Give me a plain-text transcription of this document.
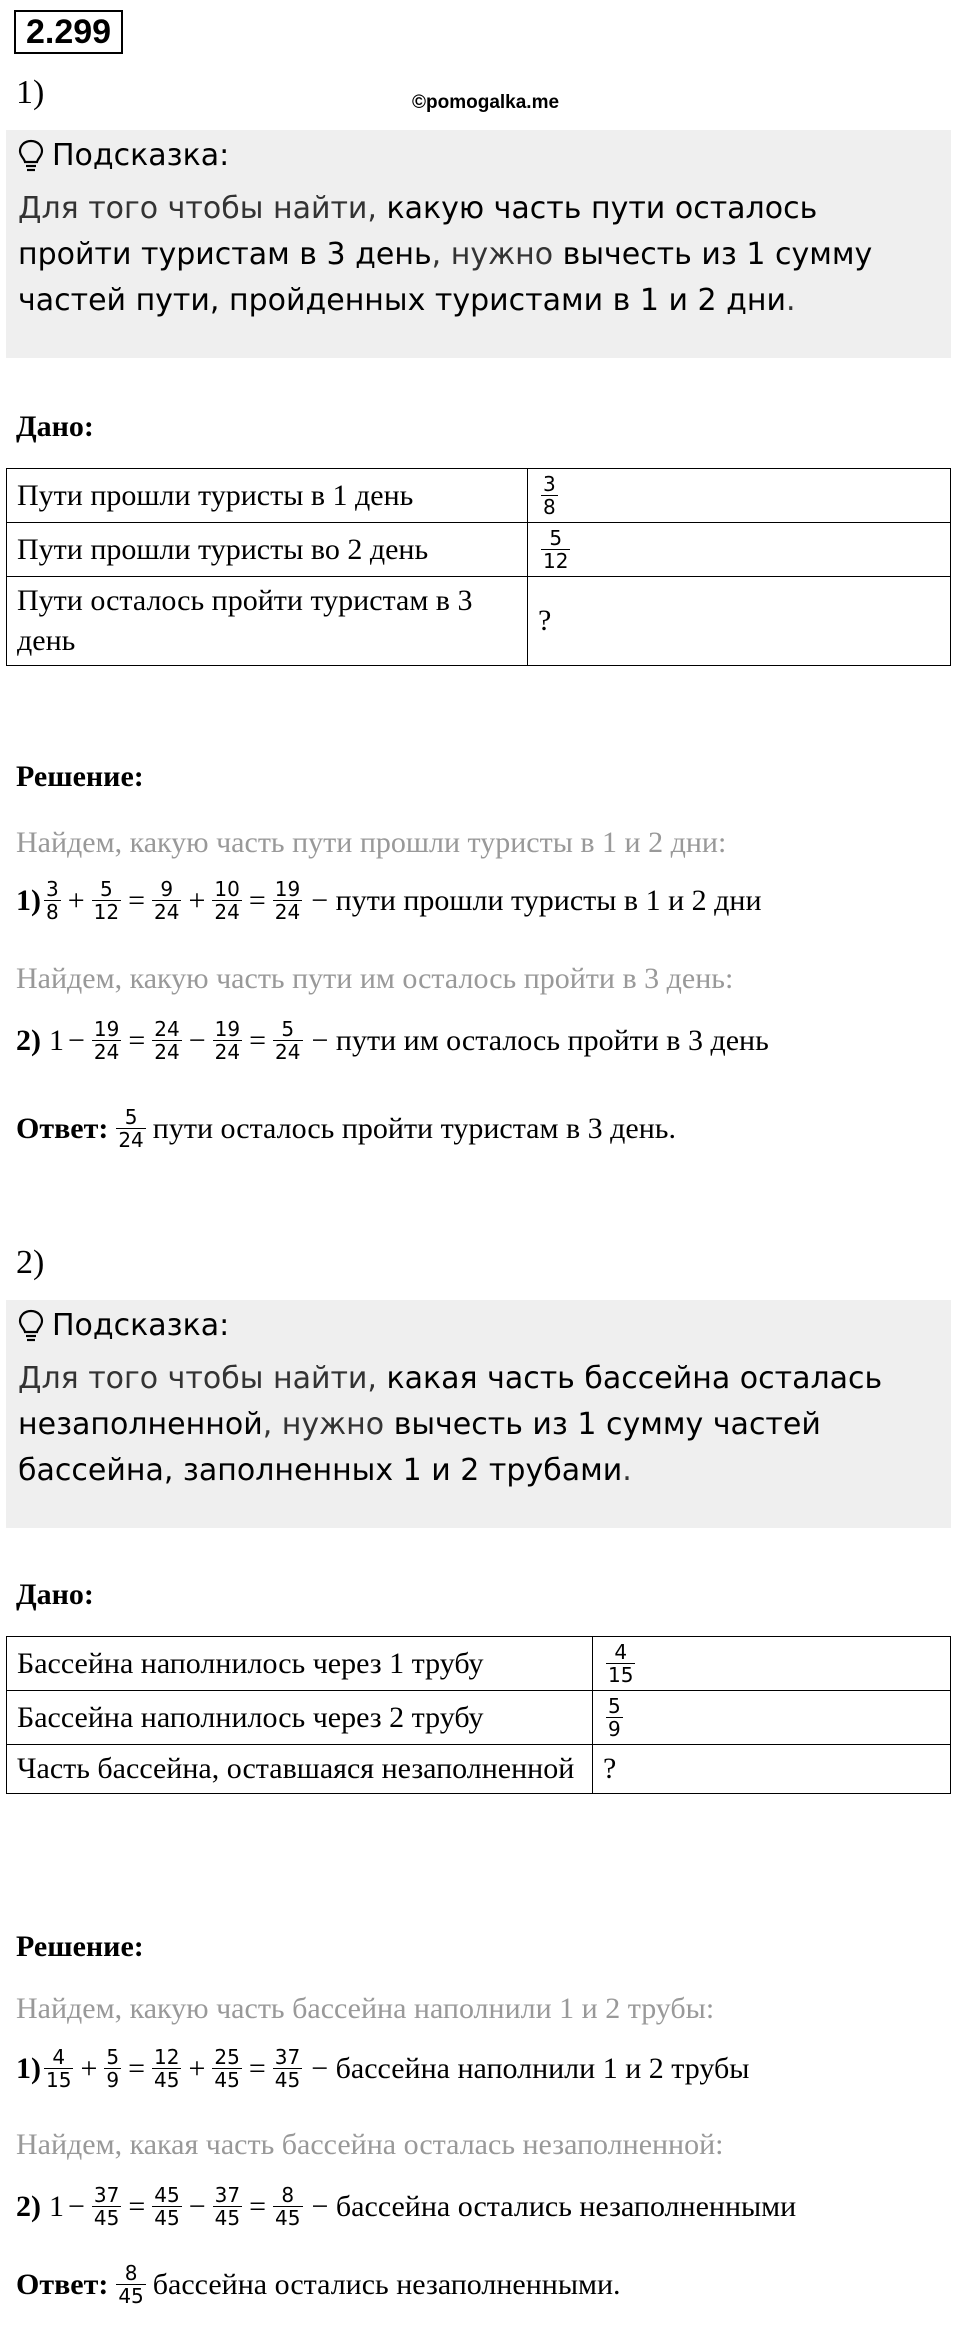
2.299
1)	©pomogalka.me
Подсказка:
Для того чтобы найти, какую часть пути осталось пройти туристам в 3 день, нужно вычесть из 1 сумму частей пути, пройденных туристами в 1 и 2 дни.
Дано:
Пути прошли туристы в 1 день	$\frac{3}{8}$

Пути прошли туристы во 2 день	$\frac{5}{12}$

Пути осталось пройти туристам в 3 день	?
Решение:
Найдем, какую часть пути прошли туристы в 1 и 2 дни:
$1) \frac{3}{8} + \frac{5}{12} = \frac{9}{24} + \frac{10}{24} = \frac{19}{24}$ − пути прошли туристы в 1 и 2 дни
Найдем, какую часть пути им осталось пройти в 3 день:
2) $1 - \frac{19}{24} = \frac{24}{24} - \frac{19}{24} = \frac{5}{24}$ − пути им осталось пройти в 3 день
Ответ: $\frac{5}{24}$ пути осталось пройти туристам в 3 день.
2)
Подсказка:
Для того чтобы найти, какая часть бассейна осталась незаполненной, нужно вычесть из 1 сумму частей бассейна, заполненных 1 и 2 трубами.
Дано:
Бассейна наполнилось через 1 трубу	$\frac{4}{15}$

Бассейна наполнилось через 2 трубу	$\frac{5}{9}$

Часть бассейна, оставшаяся незаполненной	?
Решение:
Найдем, какую часть бассейна наполнили 1 и 2 трубы:
$1) \frac{4}{15} + \frac{5}{9} = \frac{12}{45} + \frac{25}{45} = \frac{37}{45}$ − бассейна наполнили 1 и 2 трубы
Найдем, какая часть бассейна осталась незаполненной:
2) $1 - \frac{37}{45} = \frac{45}{45} - \frac{37}{45} = \frac{8}{45}$ − бассейна остались незаполненными
Ответ: $\frac{8}{45}$ бассейна остались незаполненными.
